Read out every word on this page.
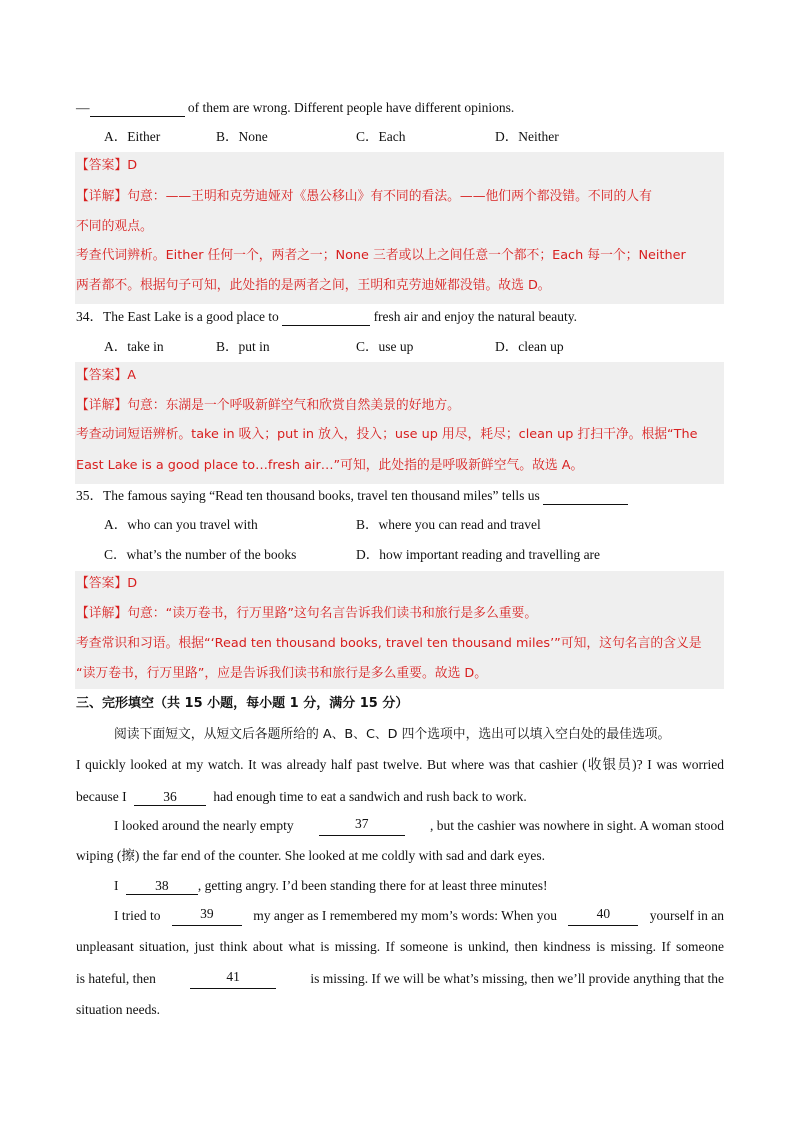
—	of them are wrong. Different people have different opinions.
A．Either	B．None	C．Each	D．Neither
【答案】D
【详解】句意：——王明和克劳迪娅对《愚公移山》有不同的看法。——他们两个都没错。不同的人有
不同的观点。
考查代词辨析。Either 任何一个，两者之一；None 三者或以上之间任意一个都不；Each 每一个；Neither
两者都不。根据句子可知，此处指的是两者之间，王明和克劳迪娅都没错。故选 D。
34．The East Lake is a good place to	fresh air and enjoy the natural beauty.
A．take in	B．put in	C．use up	D．clean up
【答案】A
【详解】句意：东湖是一个呼吸新鲜空气和欣赏自然美景的好地方。
考查动词短语辨析。take in 吸入；put in 放入，投入；use up 用尽，耗尽；clean up 打扫干净。根据“The
East Lake is a good place to…fresh air…”可知，此处指的是呼吸新鲜空气。故选 A。
35．The famous saying “Read ten thousand books, travel ten thousand miles” tells us
A．who can you travel with	B．where you can read and travel
C．what’s the number of the books	D．how important reading and travelling are
【答案】D
【详解】句意：“读万卷书，行万里路”这句名言告诉我们读书和旅行是多么重要。
考查常识和习语。根据“‘Read ten thousand books, travel ten thousand miles’”可知，这句名言的含义是
“读万卷书，行万里路”，应是告诉我们读书和旅行是多么重要。故选 D。
三、完形填空（共 15 小题，每小题 1 分，满分 15 分）
阅读下面短文，从短文后各题所给的 A、B、C、D 四个选项中，选出可以填入空白处的最佳选项。
I quickly looked at my watch. It was already half past twelve. But where was that cashier (收银员)? I was worried
because I 36 had enough time to eat a sandwich and rush back to work.
I looked around the nearly empty	37	, but the cashier was nowhere in sight. A woman stood
wiping (擦) the far end of the counter. She looked at me coldly with sad and dark eyes.
I 38 , getting angry. I’d been standing there for at least three minutes!
I tried to	39	my anger as I remembered my mom’s words: When you	40	yourself in an
unpleasant situation, just think about what is missing. If someone is unkind, then kindness is missing. If someone
is hateful, then	41	is missing. If we will be what’s missing, then we’ll provide anything that the
situation needs.
